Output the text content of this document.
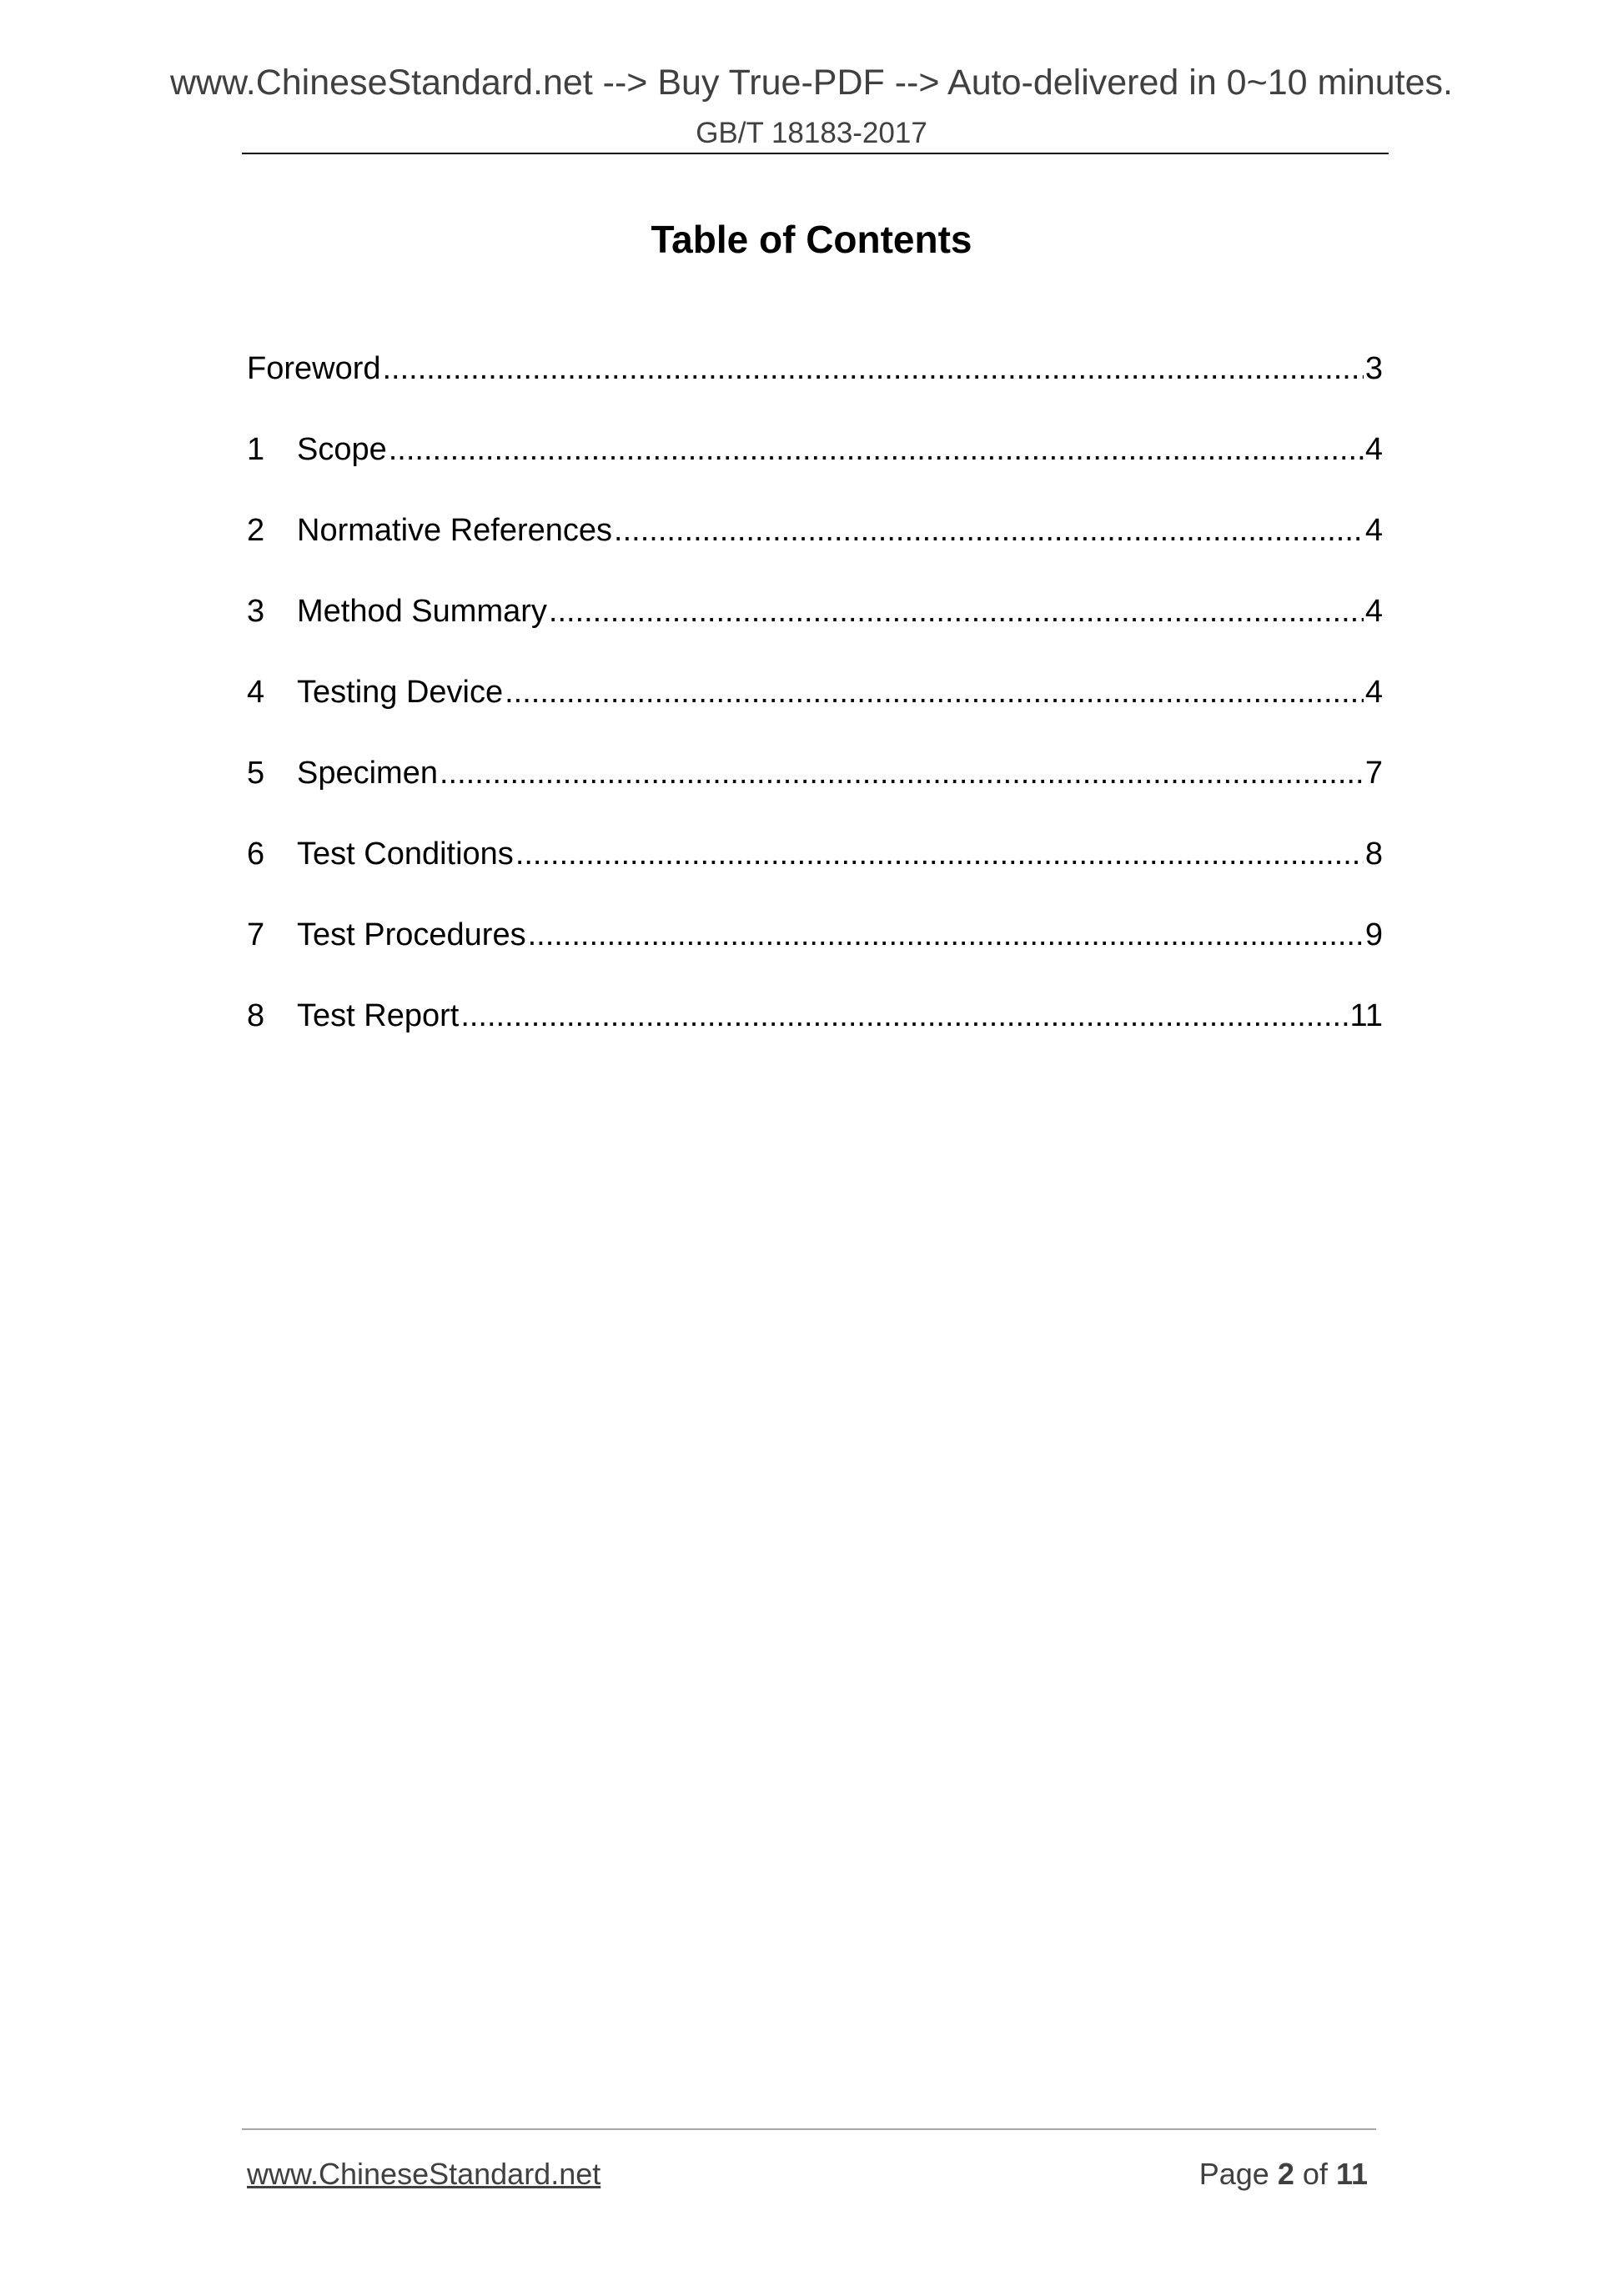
www.ChineseStandard.net --> Buy True-PDF --> Auto-delivered in 0~10 minutes.
GB/T 18183-2017
Table of Contents
Foreword .....	3
1	Scope .....	4
2	Normative References .....	4
3	Method Summary .....	4
4	Testing Device .....	4
5	Specimen .....	7
6	Test Conditions .....	8
7	Test Procedures .....	9
8	Test Report .....	11
www.ChineseStandard.net	Page 2 of 11
